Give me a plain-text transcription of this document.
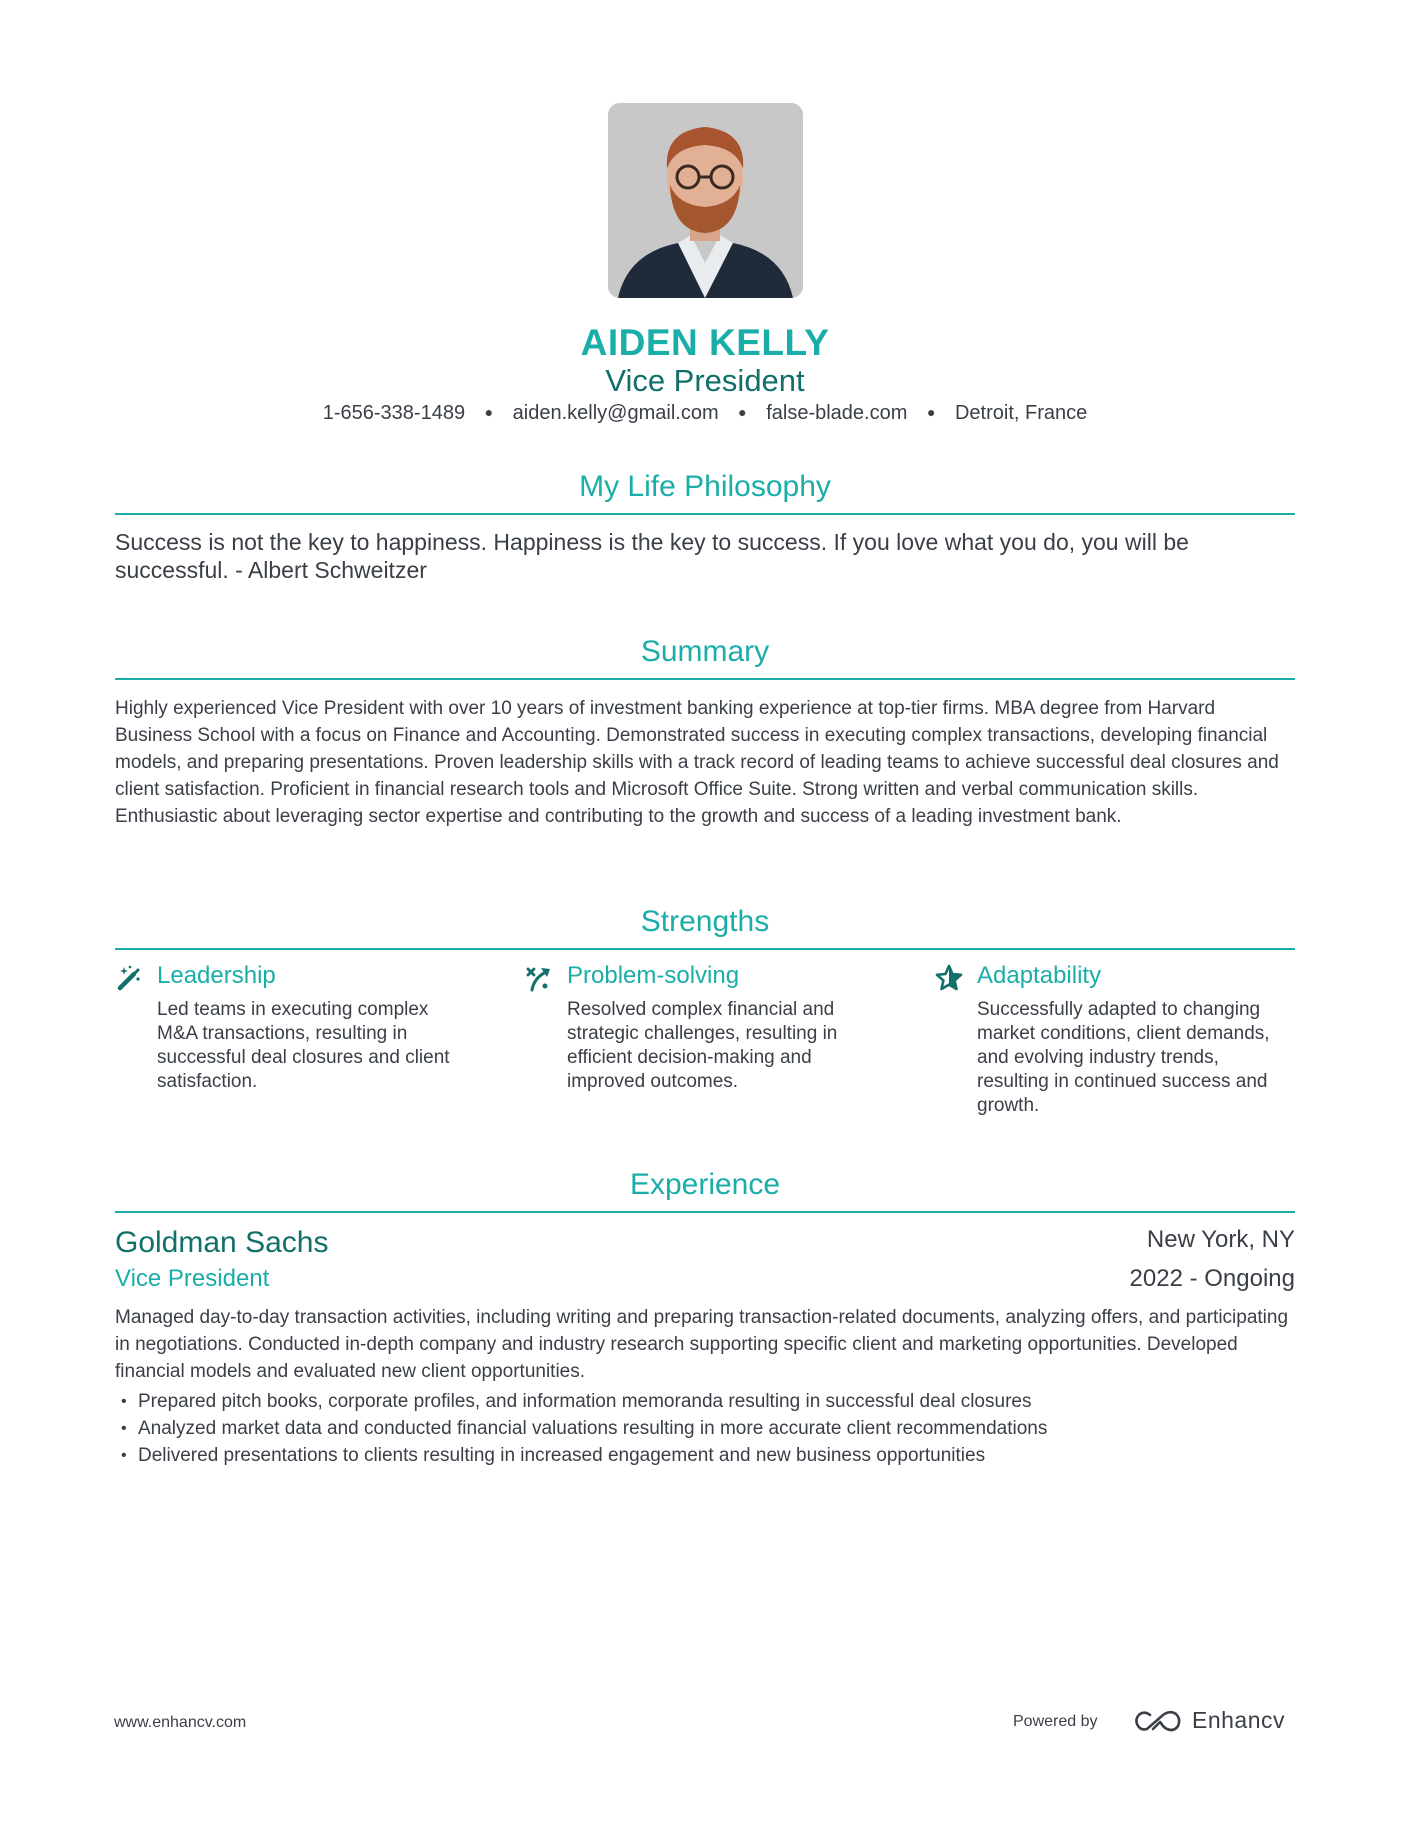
AIDEN KELLY
Vice President
1-656-338-1489 ● aiden.kelly@gmail.com ● false-blade.com ● Detroit, France
My Life Philosophy
Success is not the key to happiness. Happiness is the key to success. If you love what you do, you will be successful. - Albert Schweitzer
Summary
Highly experienced Vice President with over 10 years of investment banking experience at top-tier firms. MBA degree from Harvard Business School with a focus on Finance and Accounting. Demonstrated success in executing complex transactions, developing financial models, and preparing presentations. Proven leadership skills with a track record of leading teams to achieve successful deal closures and client satisfaction. Proficient in financial research tools and Microsoft Office Suite. Strong written and verbal communication skills. Enthusiastic about leveraging sector expertise and contributing to the growth and success of a leading investment bank.
Strengths
Leadership
Led teams in executing complex M&A transactions, resulting in successful deal closures and client satisfaction.
Problem-solving
Resolved complex financial and strategic challenges, resulting in efficient decision-making and improved outcomes.
Adaptability
Successfully adapted to changing market conditions, client demands, and evolving industry trends, resulting in continued success and growth.
Experience
Goldman Sachs	New York, NY
Vice President	2022 - Ongoing
Managed day-to-day transaction activities, including writing and preparing transaction-related documents, analyzing offers, and participating in negotiations. Conducted in-depth company and industry research supporting specific client and marketing opportunities. Developed financial models and evaluated new client opportunities.
• Prepared pitch books, corporate profiles, and information memoranda resulting in successful deal closures
• Analyzed market data and conducted financial valuations resulting in more accurate client recommendations
• Delivered presentations to clients resulting in increased engagement and new business opportunities
www.enhancv.com	Powered by	Enhancv
